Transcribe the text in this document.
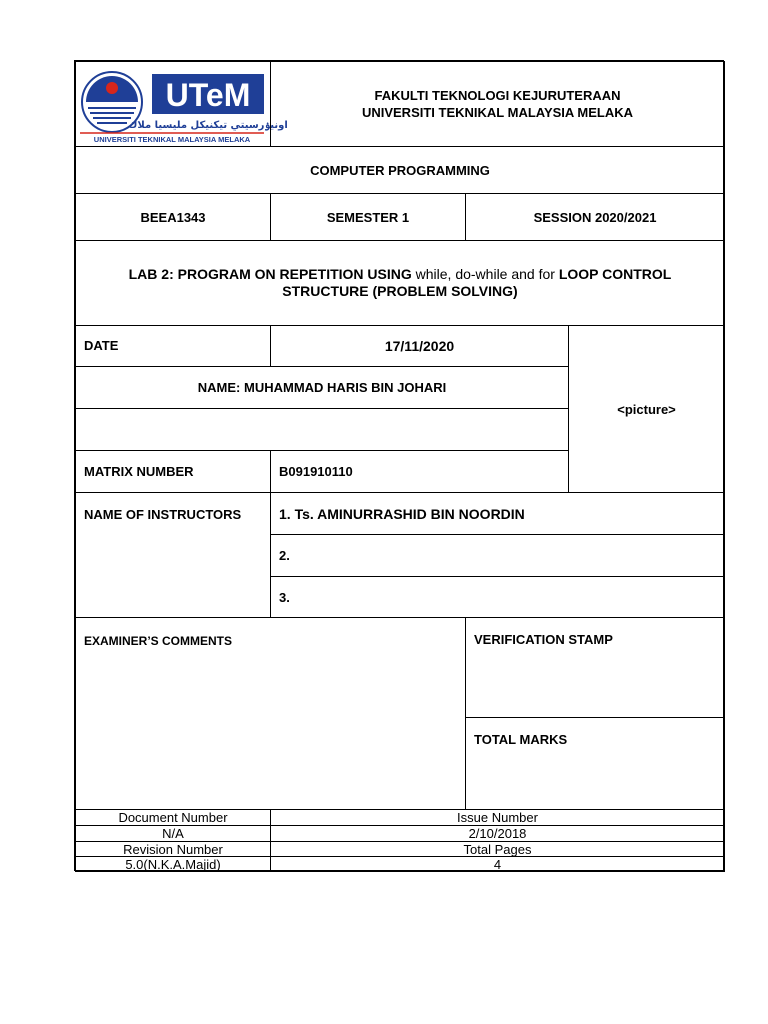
UTeM
اونيۏرسيتي تيكنيكل مليسيا ملاك
UNIVERSITI TEKNIKAL MALAYSIA MELAKA
FAKULTI TEKNOLOGI KEJURUTERAAN
UNIVERSITI TEKNIKAL MALAYSIA MELAKA
COMPUTER PROGRAMMING
BEEA1343	SEMESTER 1	SESSION 2020/2021
LAB 2: PROGRAM ON REPETITION USING while, do-while and for LOOP CONTROL STRUCTURE (PROBLEM SOLVING)
DATE	17/11/2020
<picture>
NAME: MUHAMMAD HARIS BIN JOHARI
MATRIX NUMBER	B091910110
NAME OF INSTRUCTORS	1. Ts. AMINURRASHID BIN NOORDIN
2.
3.
EXAMINER’S COMMENTS	VERIFICATION STAMP
TOTAL MARKS
Document Number	Issue Number
N/A	2/10/2018
Revision Number	Total Pages
5.0(N.K.A.Majid)	4
